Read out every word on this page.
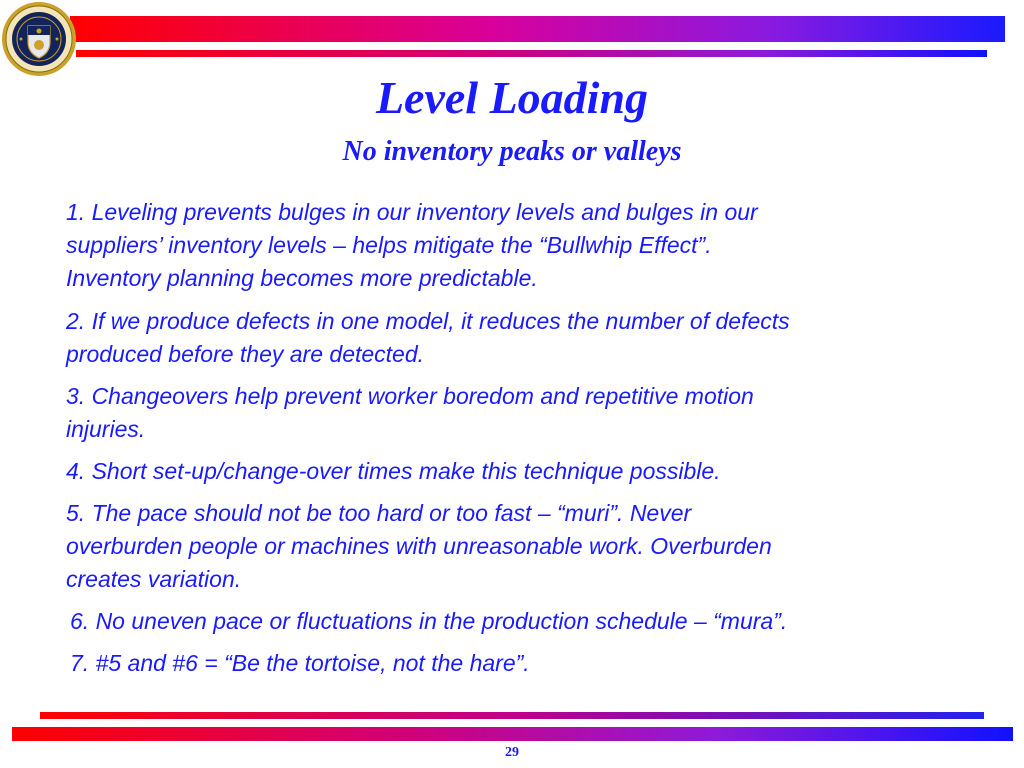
Level Loading
No inventory peaks or valleys
1. Leveling prevents bulges in our inventory levels and bulges in our
suppliers’ inventory levels – helps mitigate the “Bullwhip Effect”.
Inventory planning becomes more predictable.
2. If we produce defects in one model, it reduces the number of defects
produced before they are detected.
3. Changeovers help prevent worker boredom and repetitive motion
injuries.
4. Short set-up/change-over times make this technique possible.
5. The pace should not be too hard or too fast – “muri”. Never
overburden people or machines with unreasonable work. Overburden
creates variation.
6. No uneven pace or fluctuations in the production schedule – “mura”.
7. #5 and #6 = “Be the tortoise, not the hare”.
29
